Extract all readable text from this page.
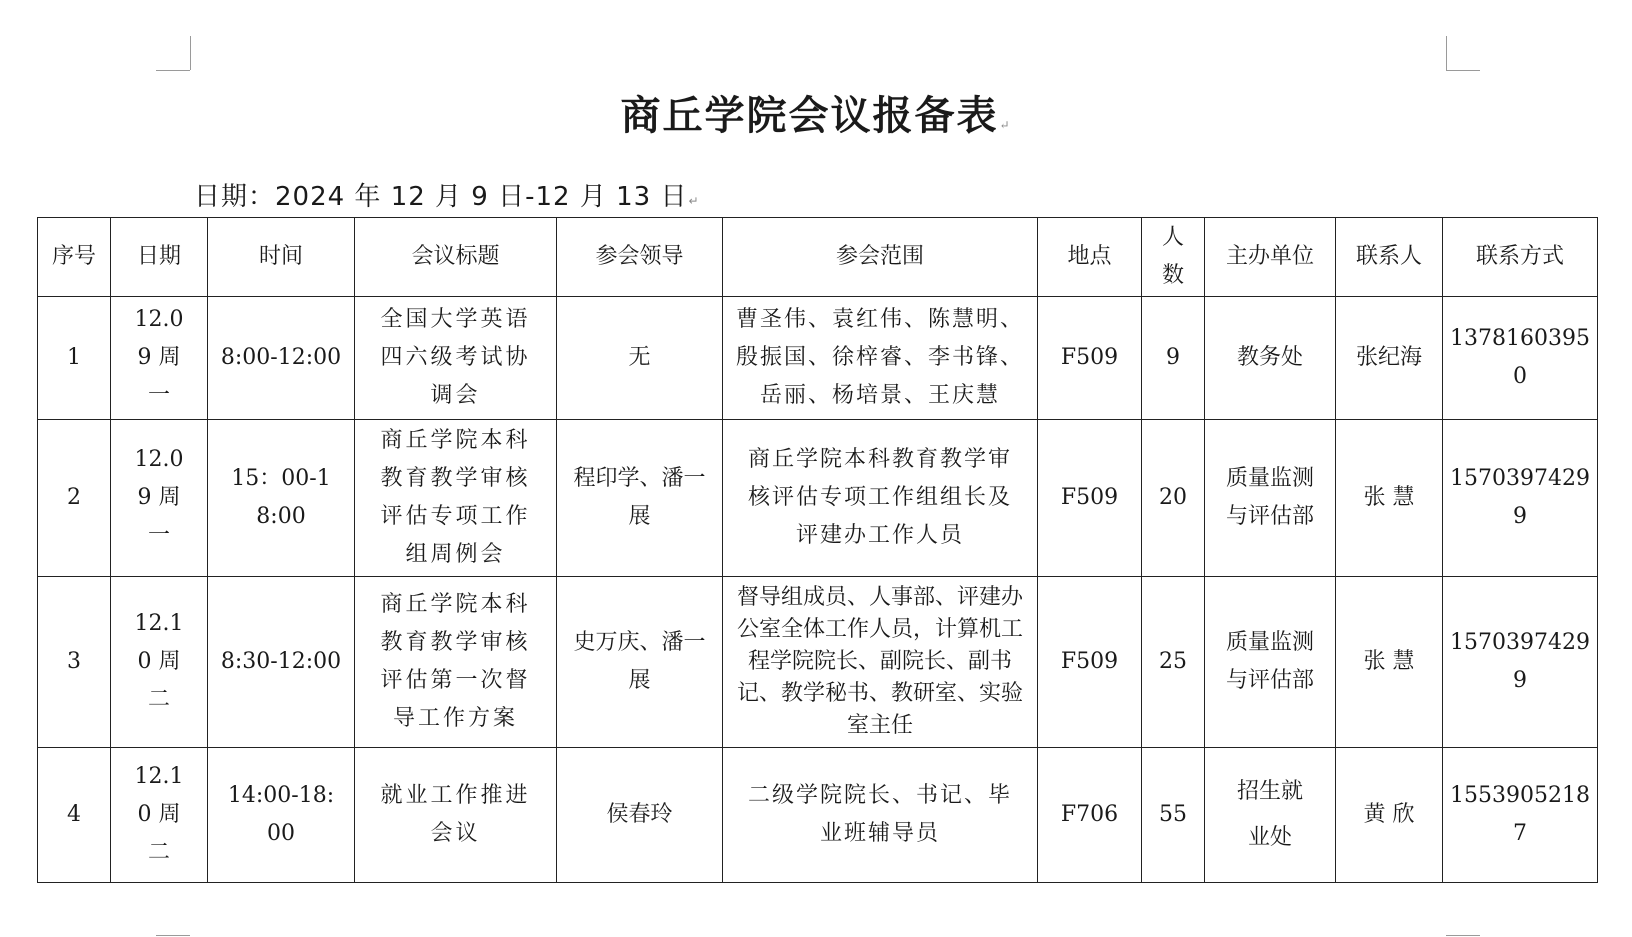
商丘学院会议报备表↵
日期：2024 年 12 月 9 日-12 月 13 日↵
序号	日期	时间	会议标题	参会领导	参会范围	地点	人数	主办单位	联系人	联系方式
1	12.09 周一	8:00-12:00	全国大学英语四六级考试协调会	无	曹圣伟、袁红伟、陈慧明、殷振国、徐梓睿、李书锋、岳丽、杨培景、王庆慧	F509	9	教务处	张纪海	13781603950
2	12.09 周一	15：00-18:00	商丘学院本科教育教学审核评估专项工作组周例会	程印学、潘一展	商丘学院本科教育教学审核评估专项工作组组长及评建办工作人员	F509	20	质量监测与评估部	张 慧	15703974299
3	12.10 周二	8:30-12:00	商丘学院本科教育教学审核评估第一次督导工作方案	史万庆、潘一展	督导组成员、人事部、评建办公室全体工作人员，计算机工程学院院长、副院长、副书记、教学秘书、教研室、实验室主任	F509	25	质量监测与评估部	张 慧	15703974299
4	12.10 周二	14:00-18:00	就业工作推进会议	侯春玲	二级学院院长、书记、毕业班辅导员	F706	55	招生就业处	黄 欣	15539052187
